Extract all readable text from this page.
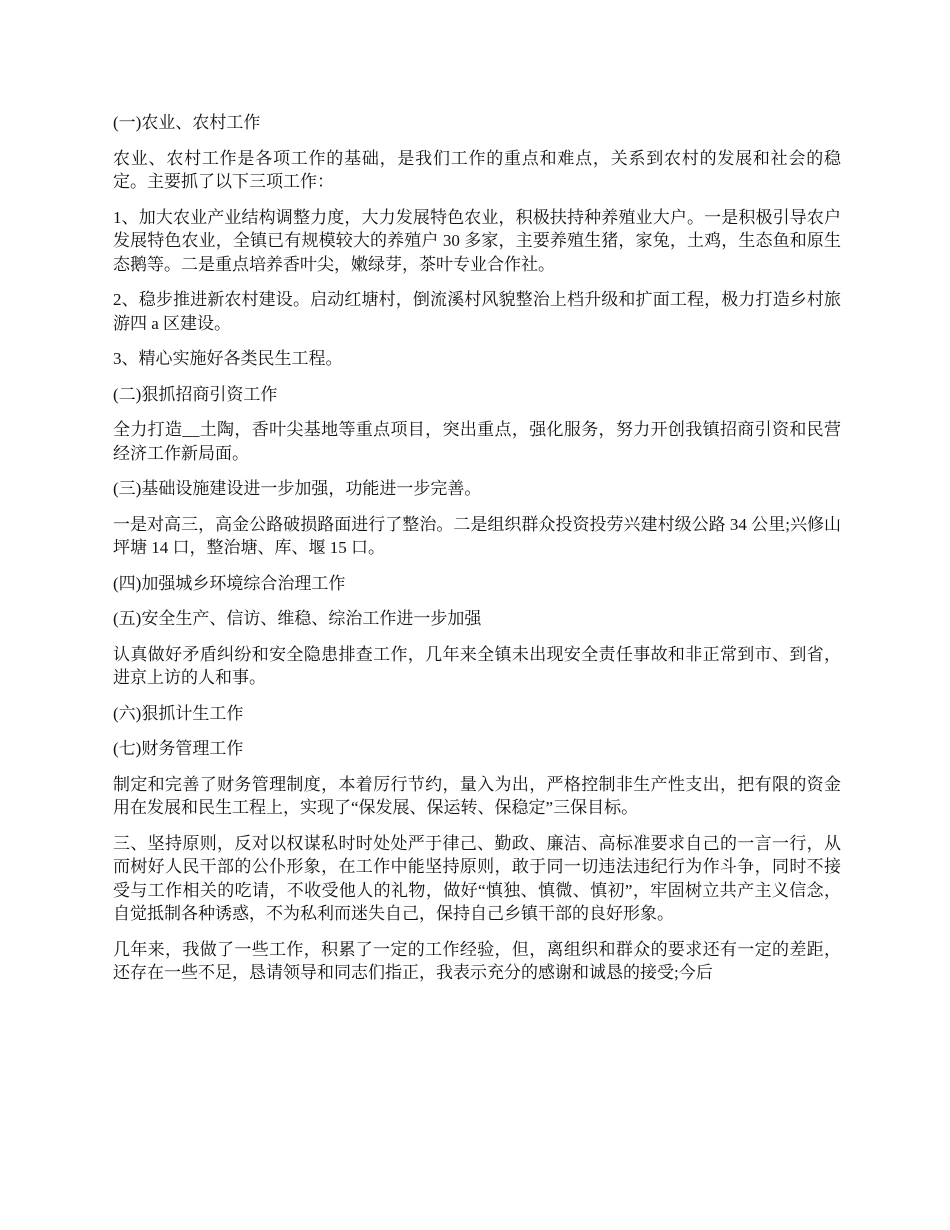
(一)农业、农村工作

农业、农村工作是各项工作的基础，是我们工作的重点和难点，关系到农村的发展和社会的稳定。主要抓了以下三项工作：

1、加大农业产业结构调整力度，大力发展特色农业，积极扶持种养殖业大户。一是积极引导农户发展特色农业，全镇已有规模较大的养殖户 30 多家，主要养殖生猪，家兔，土鸡，生态鱼和原生态鹅等。二是重点培养香叶尖，嫩绿芽，茶叶专业合作社。

2、稳步推进新农村建设。启动红塘村，倒流溪村风貌整治上档升级和扩面工程，极力打造乡村旅游四 a 区建设。

3、精心实施好各类民生工程。

(二)狠抓招商引资工作

全力打造__土陶，香叶尖基地等重点项目，突出重点，强化服务，努力开创我镇招商引资和民营经济工作新局面。

(三)基础设施建设进一步加强，功能进一步完善。

一是对高三，高金公路破损路面进行了整治。二是组织群众投资投劳兴建村级公路 34 公里;兴修山坪塘 14 口，整治塘、库、堰 15 口。

(四)加强城乡环境综合治理工作

(五)安全生产、信访、维稳、综治工作进一步加强

认真做好矛盾纠纷和安全隐患排查工作，几年来全镇未出现安全责任事故和非正常到市、到省，进京上访的人和事。

(六)狠抓计生工作

(七)财务管理工作

制定和完善了财务管理制度，本着厉行节约，量入为出，严格控制非生产性支出，把有限的资金用在发展和民生工程上，实现了“保发展、保运转、保稳定”三保目标。

三、坚持原则，反对以权谋私时时处处严于律己、勤政、廉洁、高标准要求自己的一言一行，从而树好人民干部的公仆形象，在工作中能坚持原则，敢于同一切违法违纪行为作斗争，同时不接受与工作相关的吃请，不收受他人的礼物，做好“慎独、慎微、慎初”，牢固树立共产主义信念，自觉抵制各种诱惑，不为私利而迷失自己，保持自己乡镇干部的良好形象。

几年来，我做了一些工作，积累了一定的工作经验，但，离组织和群众的要求还有一定的差距，还存在一些不足，恳请领导和同志们指正，我表示充分的感谢和诚恳的接受;今后
